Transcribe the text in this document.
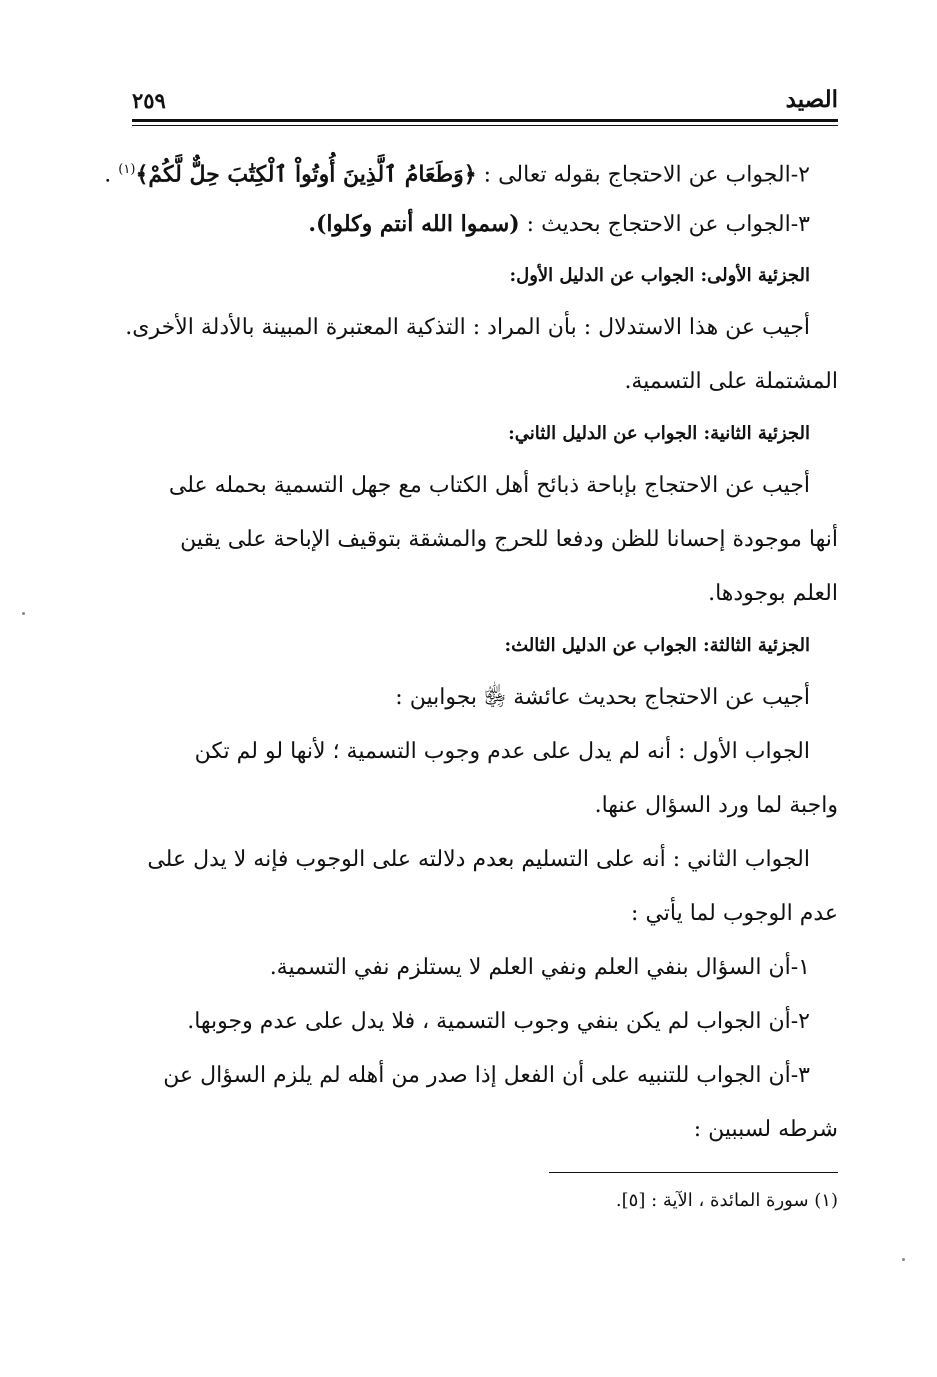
الصيد
٢٥٩
٢-الجواب عن الاحتجاج بقوله تعالى : ﴿وَطَعَامُ ٱلَّذِينَ أُوتُواْ ٱلْكِتَٰبَ حِلٌّ لَّكُمْ﴾$^{(١)}$ .
٣-الجواب عن الاحتجاج بحديث : (سموا الله أنتم وكلوا).
الجزئية الأولى: الجواب عن الدليل الأول:
أجيب عن هذا الاستدلال : بأن المراد : التذكية المعتبرة المبينة بالأدلة الأخرى.
المشتملة على التسمية.
الجزئية الثانية: الجواب عن الدليل الثاني:
أجيب عن الاحتجاج بإباحة ذبائح أهل الكتاب مع جهل التسمية بحمله على
أنها موجودة إحسانا للظن ودفعا للحرج والمشقة بتوقيف الإباحة على يقين
العلم بوجودها.
الجزئية الثالثة: الجواب عن الدليل الثالث:
أجيب عن الاحتجاج بحديث عائشة ﵂ بجوابين :
الجواب الأول : أنه لم يدل على عدم وجوب التسمية ؛ لأنها لو لم تكن
واجبة لما ورد السؤال عنها.
الجواب الثاني : أنه على التسليم بعدم دلالته على الوجوب فإنه لا يدل على
عدم الوجوب لما يأتي :
١-أن السؤال بنفي العلم ونفي العلم لا يستلزم نفي التسمية.
٢-أن الجواب لم يكن بنفي وجوب التسمية ، فلا يدل على عدم وجوبها.
٣-أن الجواب للتنبيه على أن الفعل إذا صدر من أهله لم يلزم السؤال عن
شرطه لسببين :
(١) سورة المائدة ، الآية : [٥].
